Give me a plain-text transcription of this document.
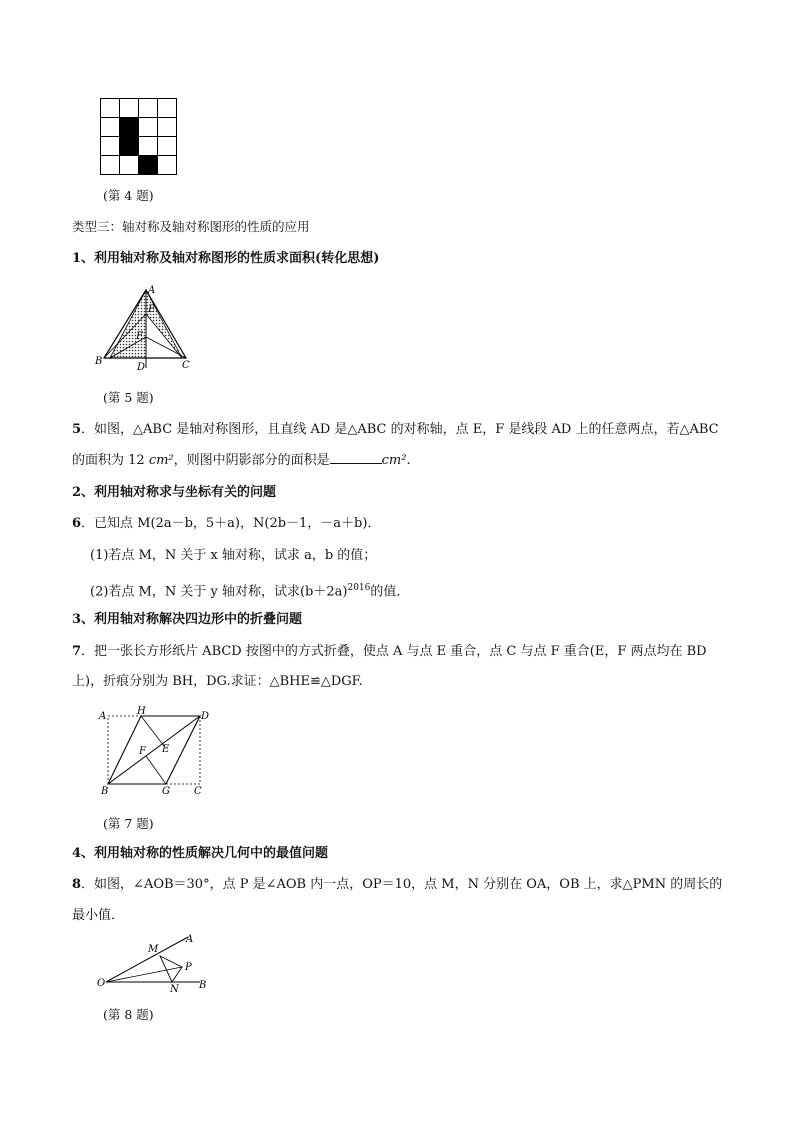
(第 4 题)
类型三：轴对称及轴对称图形的性质的应用
1、利用轴对称及轴对称图形的性质求面积(转化思想)
A
E
F
B
D	C
(第 5 题)
5．如图，△ABC 是轴对称图形，且直线 AD 是△ABC 的对称轴，点 E，F 是线段 AD 上的任意两点，若△ABC
的面积为 12 cm²，则图中阴影部分的面积是	cm².
2、利用轴对称求与坐标有关的问题
6．已知点 M(2a－b，5＋a)，N(2b－1，－a＋b)．
(1)若点 M，N 关于 x 轴对称，试求 a，b 的值；
(2)若点 M，N 关于 y 轴对称，试求$(b+2a)^{2016}$的值．
3、利用轴对称解决四边形中的折叠问题
7．把一张长方形纸片 ABCD 按图中的方式折叠，使点 A 与点 E 重合，点 C 与点 F 重合(E，F 两点均在 BD
上)，折痕分别为 BH，DG.求证：△BHE≌△DGF.
A	H	D
F E
B	G C
(第 7 题)
4、利用轴对称的性质解决几何中的最值问题
8．如图，∠AOB＝30°，点 P 是∠AOB 内一点，OP＝10，点 M，N 分别在 OA，OB 上，求△PMN 的周长的
最小值．
M
A
P
O
N B
(第 8 题)
